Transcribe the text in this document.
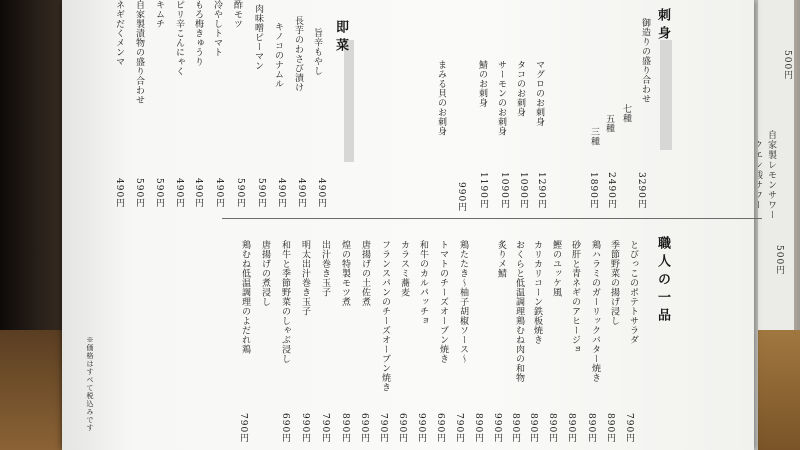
500円
自家製レモンサワー
500円
刺身
御造りの盛り合わせ
マグロのお刺身
タコのお刺身
サーモンのお刺身
鯖のお刺身
まみる貝のお刺身	七種
五種
三種
3290円
2490円
1890円
1290円
1090円
1090円
1190円
990円
即菜
旨辛もやし
長芋のわさび漬け
キノコのナムル
肉味噌ピーマン
酢モツ
冷やしトマト
もろ梅きゅうり
ピリ辛こんにゃく
キムチ
自家製漬物の盛り合わせ
ネギだくメンマ
490円
490円
490円
590円
590円
490円
490円
490円
590円
590円
490円
職人の一品
とびっこのポテトサラダ
季節野菜の揚げ浸し
鶏ハラミのガーリックバター焼き
砂肝と青ネギのアヒージョ
鰹のユッケ風
おくらと低温調理鶏むね肉の和物 カリカリコーン鉄板焼き
炙りメ鯖
鶏たたき～柚子胡椒ソース～
トマトのチーズオーブン焼き
和牛のカルパッチョ
カラスミ蕎麦
フランスパンのチーズオーブン焼き
唐揚げの土佐煮
煌の特製モツ煮
出汁巻き玉子
明太出汁巻き玉子
和牛と季節野菜のしゃぶ浸し
唐揚げの煮浸し
鶏むね低温調理のよだれ鶏
790円
890円
890円
890円
890円
890円 890円
990円
890円
790円
690円
990円
690円
790円
690円
890円
790円
990円
690円
790円
※価格はすべて税込みです
